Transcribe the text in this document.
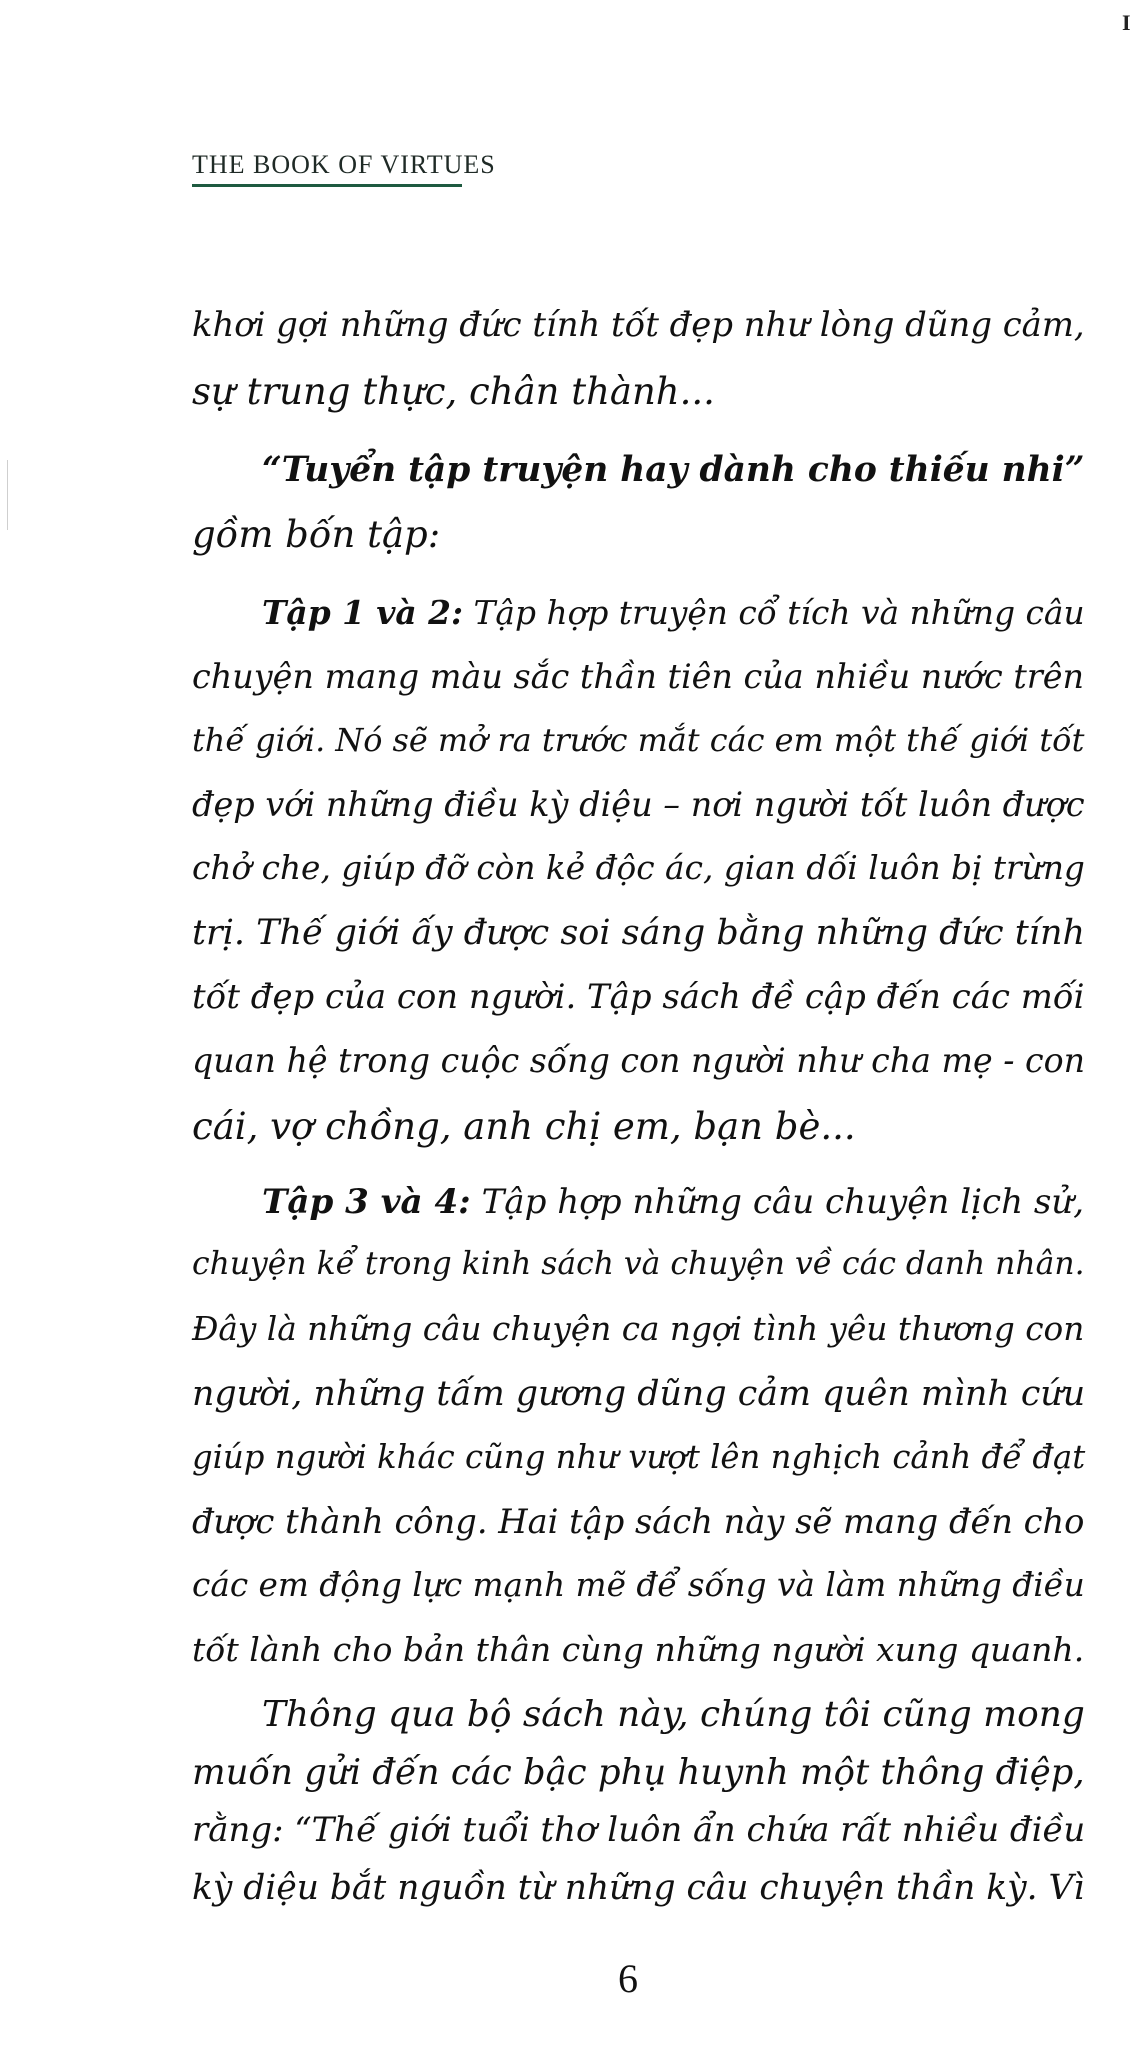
I
THE BOOK OF VIRTUES
khơi gợi những đức tính tốt đẹp như lòng dũng cảm,
sự trung thực, chân thành...
“Tuyển tập truyện hay dành cho thiếu nhi”
gồm bốn tập:
Tập 1 và 2: Tập hợp truyện cổ tích và những câu
chuyện mang màu sắc thần tiên của nhiều nước trên
thế giới. Nó sẽ mở ra trước mắt các em một thế giới tốt
đẹp với những điều kỳ diệu – nơi người tốt luôn được
chở che, giúp đỡ còn kẻ độc ác, gian dối luôn bị trừng
trị. Thế giới ấy được soi sáng bằng những đức tính
tốt đẹp của con người. Tập sách đề cập đến các mối
quan hệ trong cuộc sống con người như cha mẹ - con
cái, vợ chồng, anh chị em, bạn bè...
Tập 3 và 4: Tập hợp những câu chuyện lịch sử,
chuyện kể trong kinh sách và chuyện về các danh nhân.
Đây là những câu chuyện ca ngợi tình yêu thương con
người, những tấm gương dũng cảm quên mình cứu
giúp người khác cũng như vượt lên nghịch cảnh để đạt
được thành công. Hai tập sách này sẽ mang đến cho
các em động lực mạnh mẽ để sống và làm những điều
tốt lành cho bản thân cùng những người xung quanh.
Thông qua bộ sách này, chúng tôi cũng mong
muốn gửi đến các bậc phụ huynh một thông điệp,
rằng: “Thế giới tuổi thơ luôn ẩn chứa rất nhiều điều
6
kỳ diệu bắt nguồn từ những câu chuyện thần kỳ. Vì
